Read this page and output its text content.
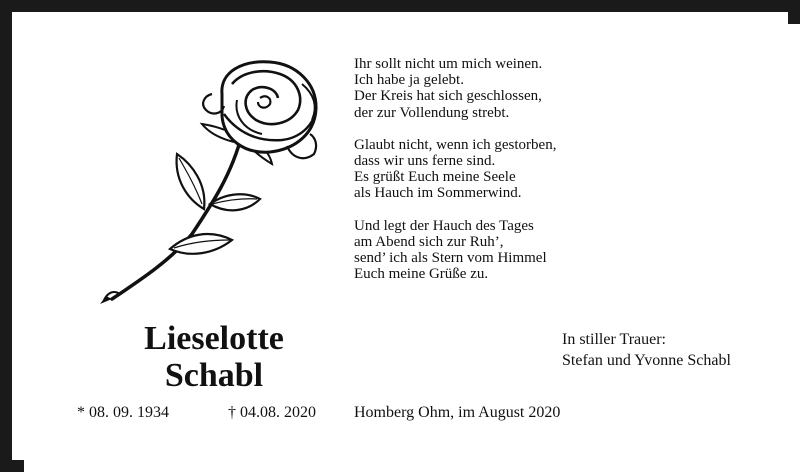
Ihr sollt nicht um mich weinen.
Ich habe ja gelebt.
Der Kreis hat sich geschlossen,
der zur Vollendung strebt.
Glaubt nicht, wenn ich gestorben,
dass wir uns ferne sind.
Es grüßt Euch meine Seele
als Hauch im Sommerwind.
Und legt der Hauch des Tages
am Abend sich zur Ruh’,
send’ ich als Stern vom Himmel
Euch meine Grüße zu.
Lieselotte
Schabl
In stiller Trauer:
Stefan und Yvonne Schabl
* 08. 09. 1934	† 04.08. 2020 Homberg Ohm, im August 2020
